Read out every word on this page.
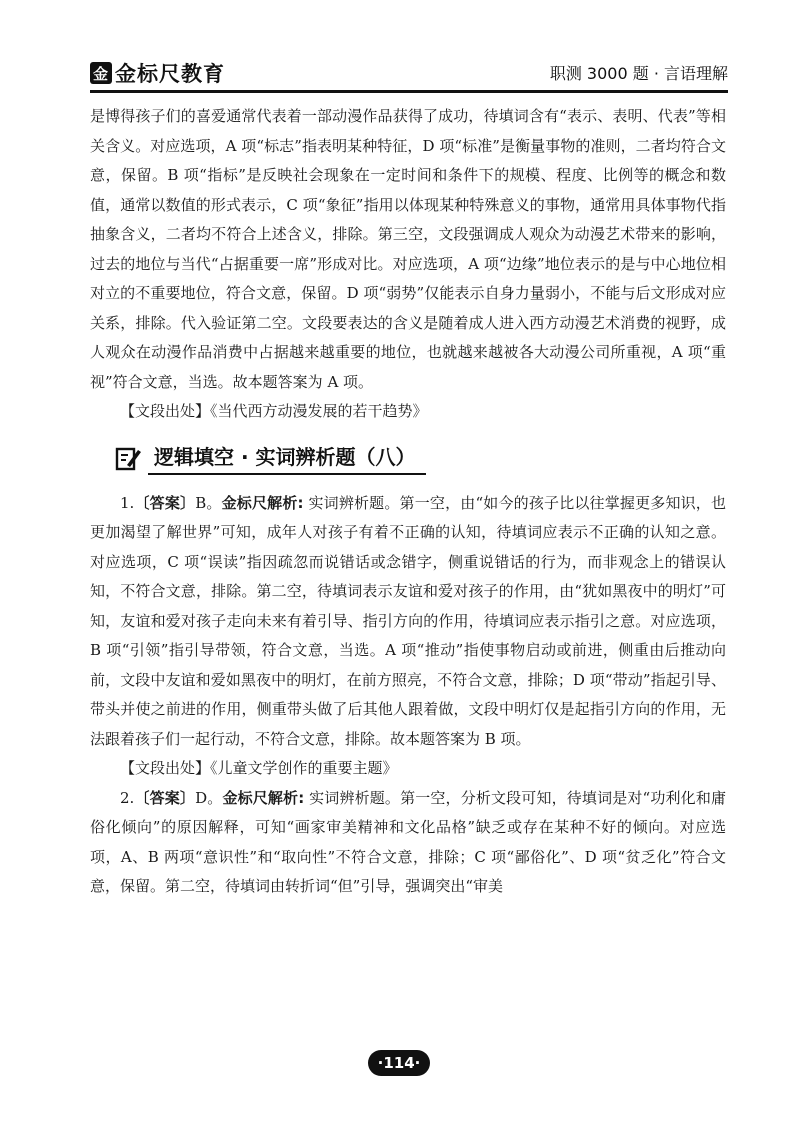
金 金标尺教育	职测 3000 题 · 言语理解

是博得孩子们的喜爱通常代表着一部动漫作品获得了成功，待填词含有“表示、表明、代表”等相关含义。对应选项，A 项“标志”指表明某种特征，D 项“标准”是衡量事物的准则，二者均符合文意，保留。B 项“指标”是反映社会现象在一定时间和条件下的规模、程度、比例等的概念和数值，通常以数值的形式表示，C 项“象征”指用以体现某种特殊意义的事物，通常用具体事物代指抽象含义，二者均不符合上述含义，排除。第三空，文段强调成人观众为动漫艺术带来的影响，过去的地位与当代“占据重要一席”形成对比。对应选项，A 项“边缘”地位表示的是与中心地位相对立的不重要地位，符合文意，保留。D 项“弱势”仅能表示自身力量弱小，不能与后文形成对应关系，排除。代入验证第二空。文段要表达的含义是随着成人进入西方动漫艺术消费的视野，成人观众在动漫作品消费中占据越来越重要的地位，也就越来越被各大动漫公司所重视，A 项“重视”符合文意，当选。故本题答案为 A 项。

【文段出处】《当代西方动漫发展的若干趋势》

逻辑填空 · 实词辨析题（八）

1.〔答案〕B。金标尺解析: 实词辨析题。第一空，由“如今的孩子比以往掌握更多知识，也更加渴望了解世界”可知，成年人对孩子有着不正确的认知，待填词应表示不正确的认知之意。对应选项，C 项“误读”指因疏忽而说错话或念错字，侧重说错话的行为，而非观念上的错误认知，不符合文意，排除。第二空，待填词表示友谊和爱对孩子的作用，由“犹如黑夜中的明灯”可知，友谊和爱对孩子走向未来有着引导、指引方向的作用，待填词应表示指引之意。对应选项，B 项“引领”指引导带领，符合文意，当选。A 项“推动”指使事物启动或前进，侧重由后推动向前，文段中友谊和爱如黑夜中的明灯，在前方照亮，不符合文意，排除；D 项“带动”指起引导、带头并使之前进的作用，侧重带头做了后其他人跟着做，文段中明灯仅是起指引方向的作用，无法跟着孩子们一起行动，不符合文意，排除。故本题答案为 B 项。

【文段出处】《儿童文学创作的重要主题》

2.〔答案〕D。金标尺解析: 实词辨析题。第一空，分析文段可知，待填词是对“功利化和庸俗化倾向”的原因解释，可知“画家审美精神和文化品格”缺乏或存在某种不好的倾向。对应选项，A、B 两项“意识性”和“取向性”不符合文意，排除；C 项“鄙俗化”、D 项“贫乏化”符合文意，保留。第二空，待填词由转折词“但”引导，强调突出“审美

·114·
